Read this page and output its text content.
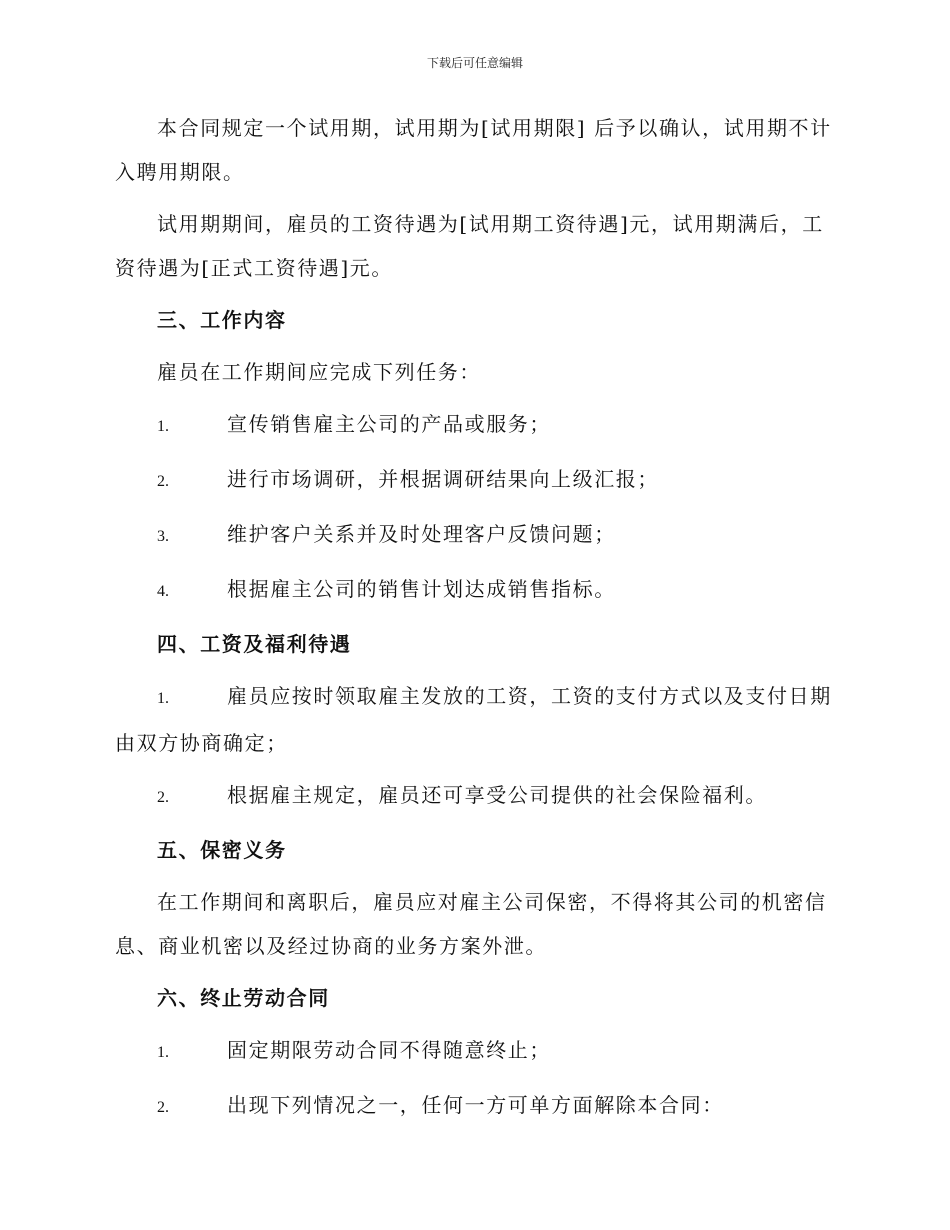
下载后可任意编辑

本合同规定一个试用期，试用期为[试用期限] 后予以确认，试用期不计入聘用期限。

试用期期间，雇员的工资待遇为[试用期工资待遇]元，试用期满后，工资待遇为[正式工资待遇]元。

三、工作内容

雇员在工作期间应完成下列任务：

1.	宣传销售雇主公司的产品或服务；

2.	进行市场调研，并根据调研结果向上级汇报；

3.	维护客户关系并及时处理客户反馈问题；

4.	根据雇主公司的销售计划达成销售指标。

四、工资及福利待遇

1.	雇员应按时领取雇主发放的工资，工资的支付方式以及支付日期由双方协商确定；

2.	根据雇主规定，雇员还可享受公司提供的社会保险福利。

五、保密义务

在工作期间和离职后，雇员应对雇主公司保密，不得将其公司的机密信息、商业机密以及经过协商的业务方案外泄。

六、终止劳动合同

1.	固定期限劳动合同不得随意终止；

2.	出现下列情况之一，任何一方可单方面解除本合同：
